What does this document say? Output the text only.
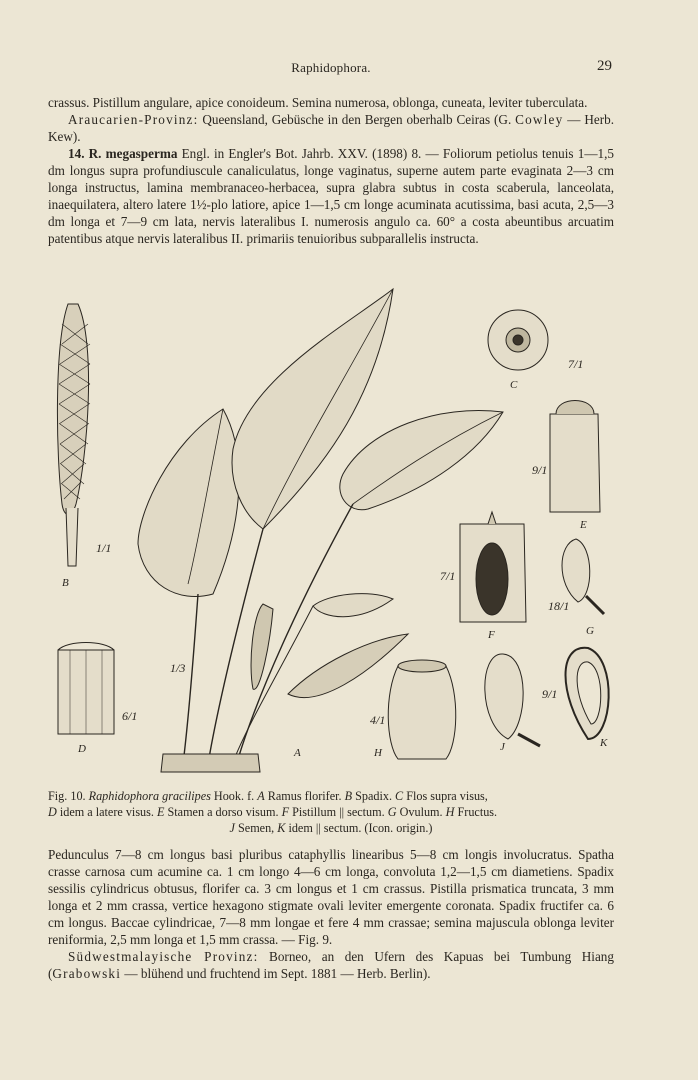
Raphidophora.	29

crassus. Pistillum angulare, apice conoideum. Semina numerosa, oblonga, cuneata, leviter tuberculata.

Araucarien-Provinz: Queensland, Gebüsche in den Bergen oberhalb Ceiras (G. Cowley — Herb. Kew).

14. R. megasperma Engl. in Engler's Bot. Jahrb. XXV. (1898) 8. — Foliorum petiolus tenuis 1—1,5 dm longus supra profundiuscule canaliculatus, longe vaginatus, superne autem parte evaginata 2—3 cm longa instructus, lamina membranaceo-herbacea, supra glabra subtus in costa scaberula, lanceolata, inaequilatera, altero latere 1½-plo latiore, apice 1—1,5 cm longe acuminata acutissima, basi acuta, 2,5—3 dm longa et 7—9 cm lata, nervis lateralibus I. numerosis angulo ca. 60° a costa abeuntibus arcuatim patentibus atque nervis lateralibus II. primariis tenuioribus subparallelis instructa.

7/1
9/1
7/1
18/1
1/1
1/3
6/1	4/1
9/1
C
E
F	G
B
A
D	H	J	K
Fig. 10. Raphidophora gracilipes Hook. f. A Ramus florifer. B Spadix. C Flos supra visus,
D idem a latere visus. E Stamen a dorso visum. F Pistillum || sectum. G Ovulum. H Fructus.
J Semen, K idem || sectum. (Icon. origin.)

Pedunculus 7—8 cm longus basi pluribus cataphyllis linearibus 5—8 cm longis involucratus. Spatha crasse carnosa cum acumine ca. 1 cm longo 4—6 cm longa, convoluta 1,2—1,5 cm diametiens. Spadix sessilis cylindricus obtusus, florifer ca. 3 cm longus et 1 cm crassus. Pistilla prismatica truncata, 3 mm longa et 2 mm crassa, vertice hexagono stigmate ovali leviter emergente coronata. Spadix fructifer ca. 6 cm longus. Baccae cylindricae, 7—8 mm longae et fere 4 mm crassae; semina majuscula oblonga leviter reniformia, 2,5 mm longa et 1,5 mm crassa. — Fig. 9.

Südwestmalayische Provinz: Borneo, an den Ufern des Kapuas bei Tumbung Hiang (Grabowski — blühend und fruchtend im Sept. 1881 — Herb. Berlin).
